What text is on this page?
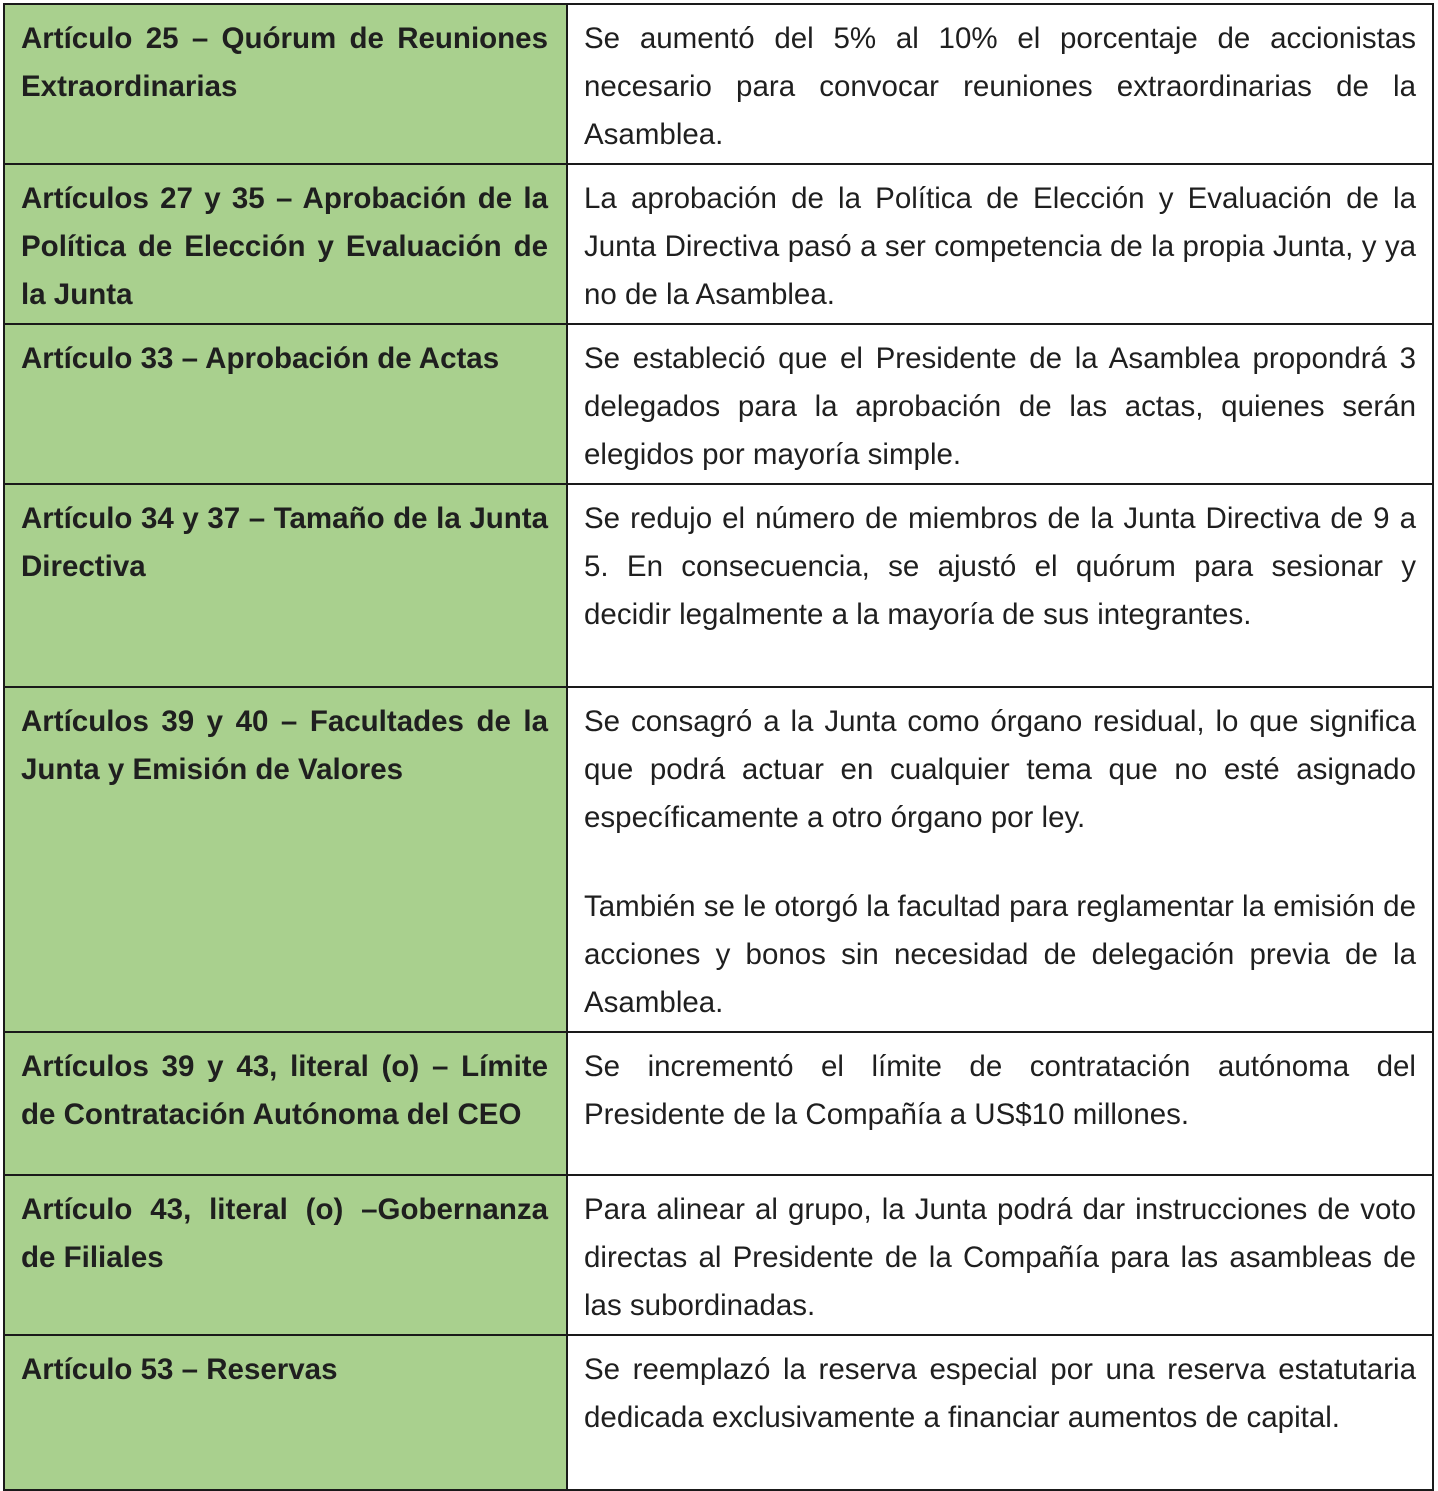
Artículo 25 – Quórum de Reuniones Extraordinarias	Se aumentó del 5% al 10% el porcentaje de accionistas necesario para convocar reuniones extraordinarias de la Asamblea.

Artículos 27 y 35 – Aprobación de la Política de Elección y Evaluación de la Junta	La aprobación de la Política de Elección y Evaluación de la Junta Directiva pasó a ser competencia de la propia Junta, y ya no de la Asamblea.

Artículo 33 – Aprobación de Actas	Se estableció que el Presidente de la Asamblea propondrá 3 delegados para la aprobación de las actas, quienes serán elegidos por mayoría simple.

Artículo 34 y 37 – Tamaño de la Junta Directiva	Se redujo el número de miembros de la Junta Directiva de 9 a 5. En consecuencia, se ajustó el quórum para sesionar y decidir legalmente a la mayoría de sus integrantes.

Artículos 39 y 40 – Facultades de la Junta y Emisión de Valores	Se consagró a la Junta como órgano residual, lo que significa que podrá actuar en cualquier tema que no esté asignado específicamente a otro órgano por ley.
También se le otorgó la facultad para reglamentar la emisión de acciones y bonos sin necesidad de delegación previa de la Asamblea.

Artículos 39 y 43, literal (o) – Límite de Contratación Autónoma del CEO	Se incrementó el límite de contratación autónoma del Presidente de la Compañía a US$10 millones.

Artículo 43, literal (o) –Gobernanza de Filiales	Para alinear al grupo, la Junta podrá dar instrucciones de voto directas al Presidente de la Compañía para las asambleas de las subordinadas.

Artículo 53 – Reservas	Se reemplazó la reserva especial por una reserva estatutaria dedicada exclusivamente a financiar aumentos de capital.
